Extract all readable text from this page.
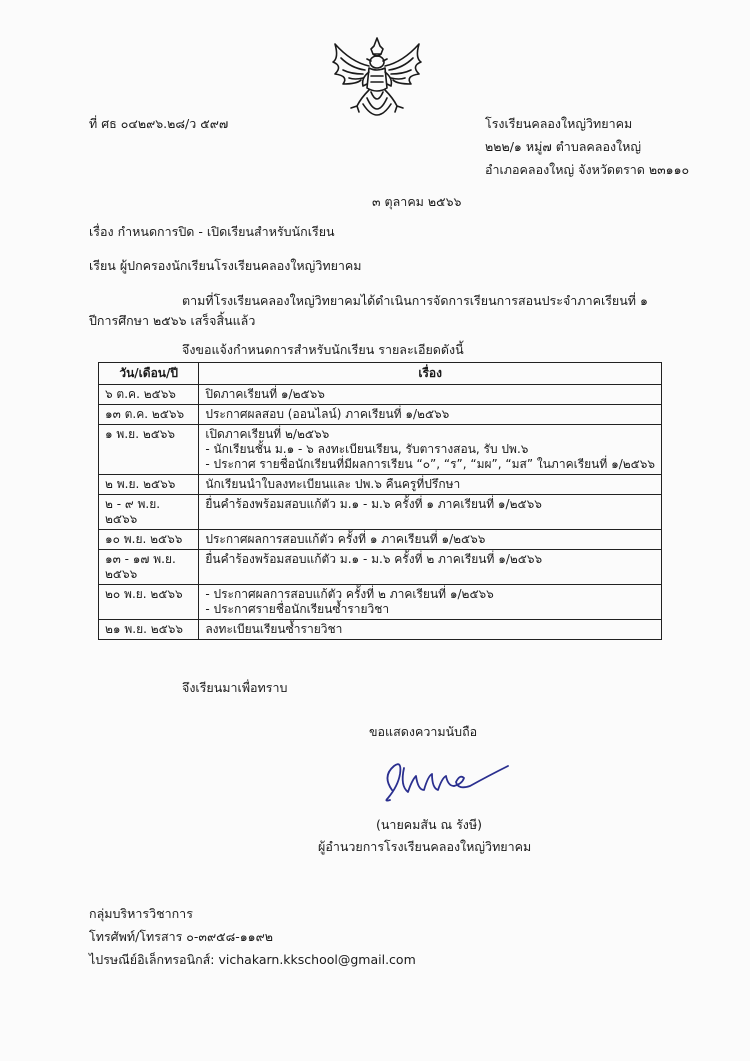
ที่ ศธ ๐๔๒๙๖.๒๘/ว ๕๙๗	โรงเรียนคลองใหญ่วิทยาคม
๒๒๒/๑ หมู่๗ ตำบลคลองใหญ่
อำเภอคลองใหญ่ จังหวัดตราด ๒๓๑๑๐
๓ ตุลาคม ๒๕๖๖
เรื่อง กำหนดการปิด - เปิดเรียนสำหรับนักเรียน
เรียน ผู้ปกครองนักเรียนโรงเรียนคลองใหญ่วิทยาคม
ตามที่โรงเรียนคลองใหญ่วิทยาคมได้ดำเนินการจัดการเรียนการสอนประจำภาคเรียนที่ ๑
ปีการศึกษา ๒๕๖๖ เสร็จสิ้นแล้ว
จึงขอแจ้งกำหนดการสำหรับนักเรียน รายละเอียดดังนี้
วัน/เดือน/ปี	เรื่อง
๖ ต.ค. ๒๕๖๖	ปิดภาคเรียนที่ ๑/๒๕๖๖

๑๓ ต.ค. ๒๕๖๖	ประกาศผลสอบ (ออนไลน์) ภาคเรียนที่ ๑/๒๕๖๖

๑ พ.ย. ๒๕๖๖	เปิดภาคเรียนที่ ๒/๒๕๖๖
- นักเรียนชั้น ม.๑ - ๖ ลงทะเบียนเรียน, รับตารางสอน, รับ ปพ.๖
- ประกาศ รายชื่อนักเรียนที่มีผลการเรียน “๐”, “ร”, “มผ”, “มส” ในภาคเรียนที่ ๑/๒๕๖๖

๒ พ.ย. ๒๕๖๖	นักเรียนนำใบลงทะเบียนและ ปพ.๖ คืนครูที่ปรึกษา

๒ - ๙ พ.ย. ๒๕๖๖	ยื่นคำร้องพร้อมสอบแก้ตัว ม.๑ - ม.๖ ครั้งที่ ๑ ภาคเรียนที่ ๑/๒๕๖๖

๑๐ พ.ย. ๒๕๖๖	ประกาศผลการสอบแก้ตัว ครั้งที่ ๑ ภาคเรียนที่ ๑/๒๕๖๖

๑๓ - ๑๗ พ.ย. ๒๕๖๖	ยื่นคำร้องพร้อมสอบแก้ตัว ม.๑ - ม.๖ ครั้งที่ ๒ ภาคเรียนที่ ๑/๒๕๖๖

๒๐ พ.ย. ๒๕๖๖	- ประกาศผลการสอบแก้ตัว ครั้งที่ ๒ ภาคเรียนที่ ๑/๒๕๖๖
- ประกาศรายชื่อนักเรียนซ้ำรายวิชา

๒๑ พ.ย. ๒๕๖๖	ลงทะเบียนเรียนซ้ำรายวิชา
จึงเรียนมาเพื่อทราบ
ขอแสดงความนับถือ
(นายคมสัน ณ รังษี)
ผู้อำนวยการโรงเรียนคลองใหญ่วิทยาคม
กลุ่มบริหารวิชาการ
โทรศัพท์/โทรสาร ๐-๓๙๕๘-๑๑๙๒
ไปรษณีย์อิเล็กทรอนิกส์: vichakarn.kkschool@gmail.com
